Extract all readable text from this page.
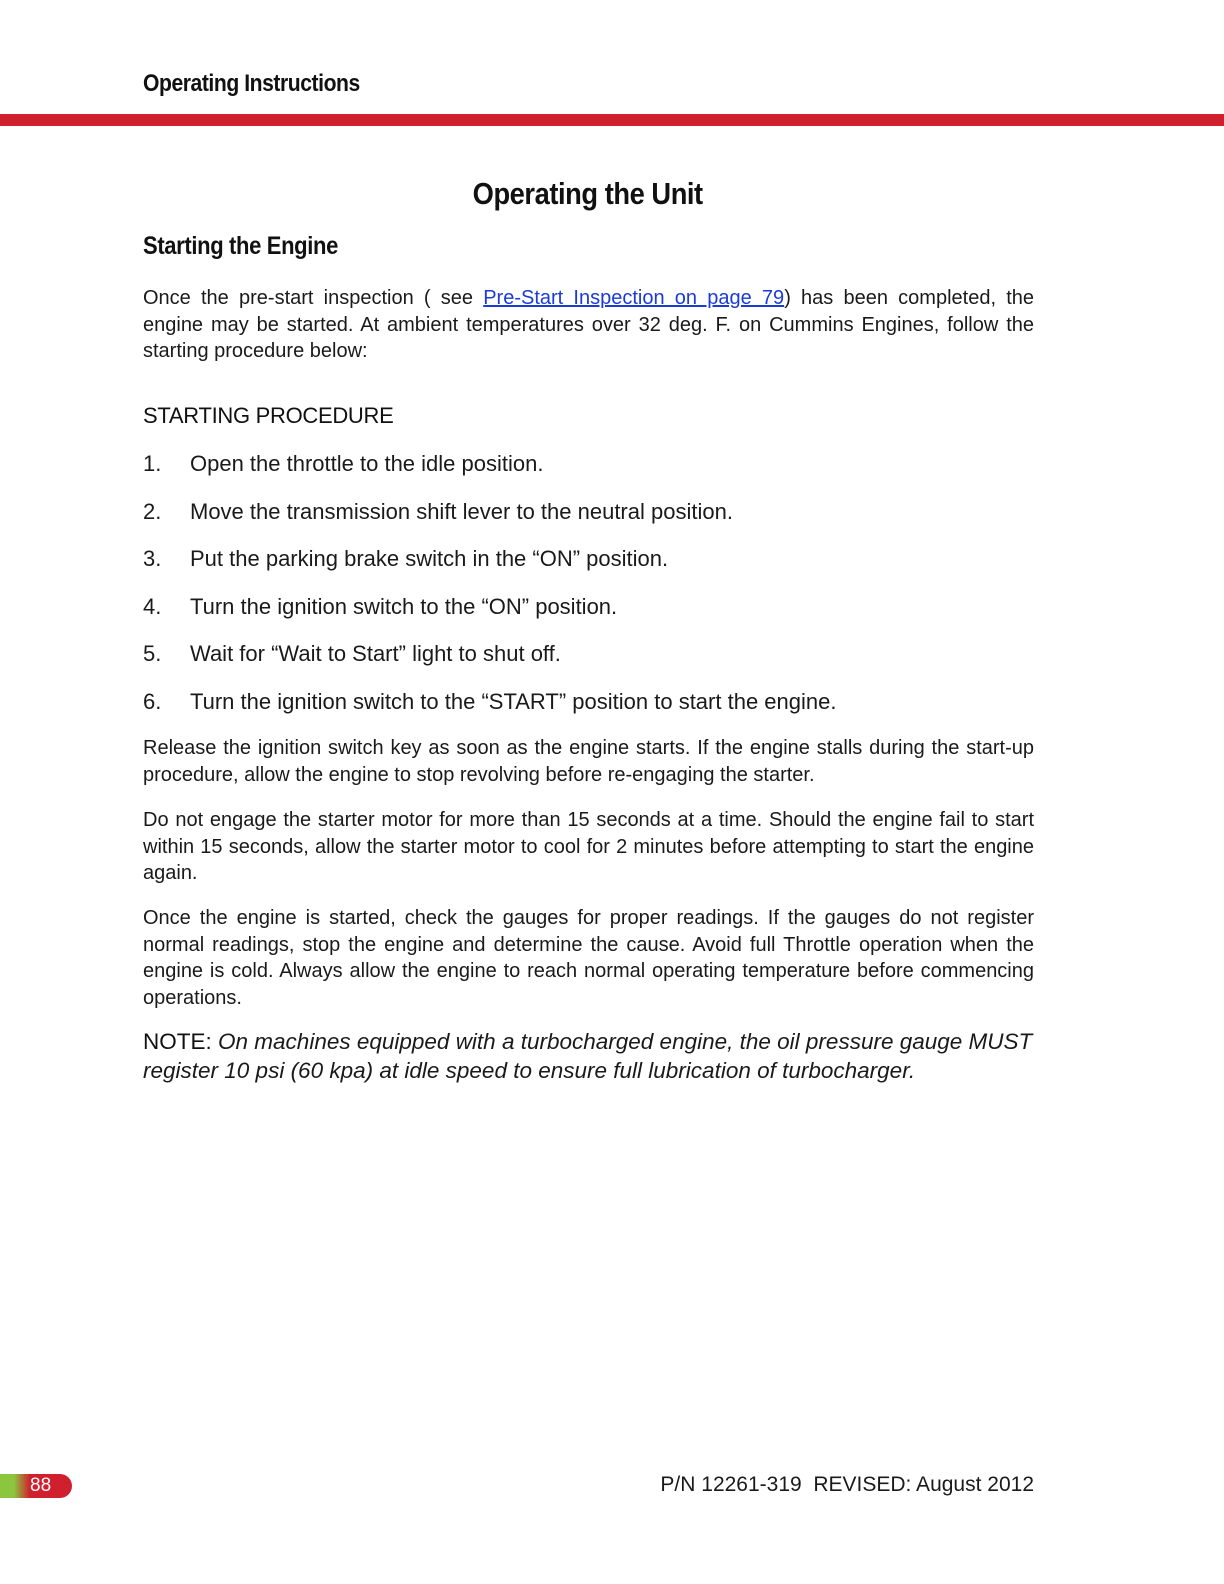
Operating Instructions
Operating the Unit
Starting the Engine
Once the pre-start inspection ( see Pre-Start Inspection on page 79) has been completed, the engine may be started. At ambient temperatures over 32 deg. F. on Cummins Engines, follow the starting procedure below:
STARTING PROCEDURE
1.	Open the throttle to the idle position.
2.	Move the transmission shift lever to the neutral position.
3.	Put the parking brake switch in the “ON” position.
4.	Turn the ignition switch to the “ON” position.
5.	Wait for “Wait to Start” light to shut off.
6.	Turn the ignition switch to the “START” position to start the engine.
Release the ignition switch key as soon as the engine starts. If the engine stalls during the start-up procedure, allow the engine to stop revolving before re-engaging the starter.
Do not engage the starter motor for more than 15 seconds at a time. Should the engine fail to start within 15 seconds, allow the starter motor to cool for 2 minutes before attempting to start the engine again.
Once the engine is started, check the gauges for proper readings. If the gauges do not register normal readings, stop the engine and determine the cause. Avoid full Throttle operation when the engine is cold. Always allow the engine to reach normal operating temperature before commencing operations.
NOTE: On machines equipped with a turbocharged engine, the oil pressure gauge MUST register 10 psi (60 kpa) at idle speed to ensure full lubrication of turbocharger.
88	P/N 12261-319  REVISED: August 2012
